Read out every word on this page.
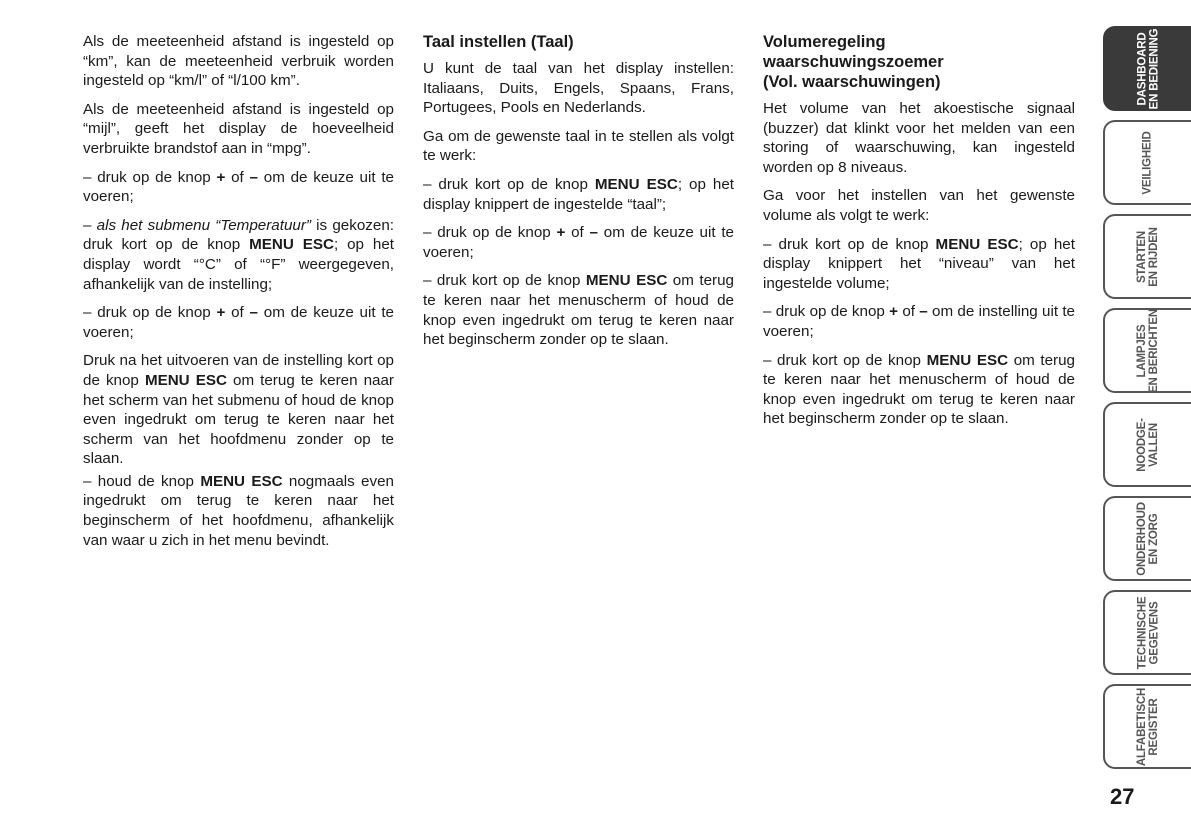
Als de meeteenheid afstand is ingesteld op “km”, kan de meeteenheid verbruik worden ingesteld op “km/l” of “l/100 km”.

Als de meeteenheid afstand is ingesteld op “mijl”, geeft het display de hoeveelheid verbruikte brandstof aan in “mpg”.

– druk op de knop + of – om de keuze uit te voeren;

– als het submenu “Temperatuur” is gekozen: druk kort op de knop MENU ESC; op het display wordt “°C” of “°F” weergegeven, afhankelijk van de instelling;

– druk op de knop + of – om de keuze uit te voeren;

Druk na het uitvoeren van de instelling kort op de knop MENU ESC om terug te keren naar het scherm van het submenu of houd de knop even ingedrukt om terug te keren naar het scherm van het hoofdmenu zonder op te slaan.

– houd de knop MENU ESC nogmaals even ingedrukt om terug te keren naar het beginscherm of het hoofdmenu, afhankelijk van waar u zich in het menu bevindt.

Taal instellen (Taal)

U kunt de taal van het display instellen: Italiaans, Duits, Engels, Spaans, Frans, Portugees, Pools en Nederlands.

Ga om de gewenste taal in te stellen als volgt te werk:

– druk kort op de knop MENU ESC; op het display knippert de ingestelde “taal”;

– druk op de knop + of – om de keuze uit te voeren;

– druk kort op de knop MENU ESC om terug te keren naar het menuscherm of houd de knop even ingedrukt om terug te keren naar het beginscherm zonder op te slaan.

Volumeregeling
waarschuwingszoemer
(Vol. waarschuwingen)

Het volume van het akoestische signaal (buzzer) dat klinkt voor het melden van een storing of waarschuwing, kan ingesteld worden op 8 niveaus.

Ga voor het instellen van het gewenste volume als volgt te werk:

– druk kort op de knop MENU ESC; op het display knippert het “niveau” van het ingestelde volume;

– druk op de knop + of – om de instelling uit te voeren;

– druk kort op de knop MENU ESC om terug te keren naar het menuscherm of houd de knop even ingedrukt om terug te keren naar het beginscherm zonder op te slaan.

DASHBOARD EN BEDIENING
VEILIGHEID
STARTEN EN RIJDEN
LAMPJES EN BERICHTEN
NOODGE- VALLEN
ONDERHOUD EN ZORG
TECHNISCHE GEGEVENS
ALFABETISCH REGISTER
27
